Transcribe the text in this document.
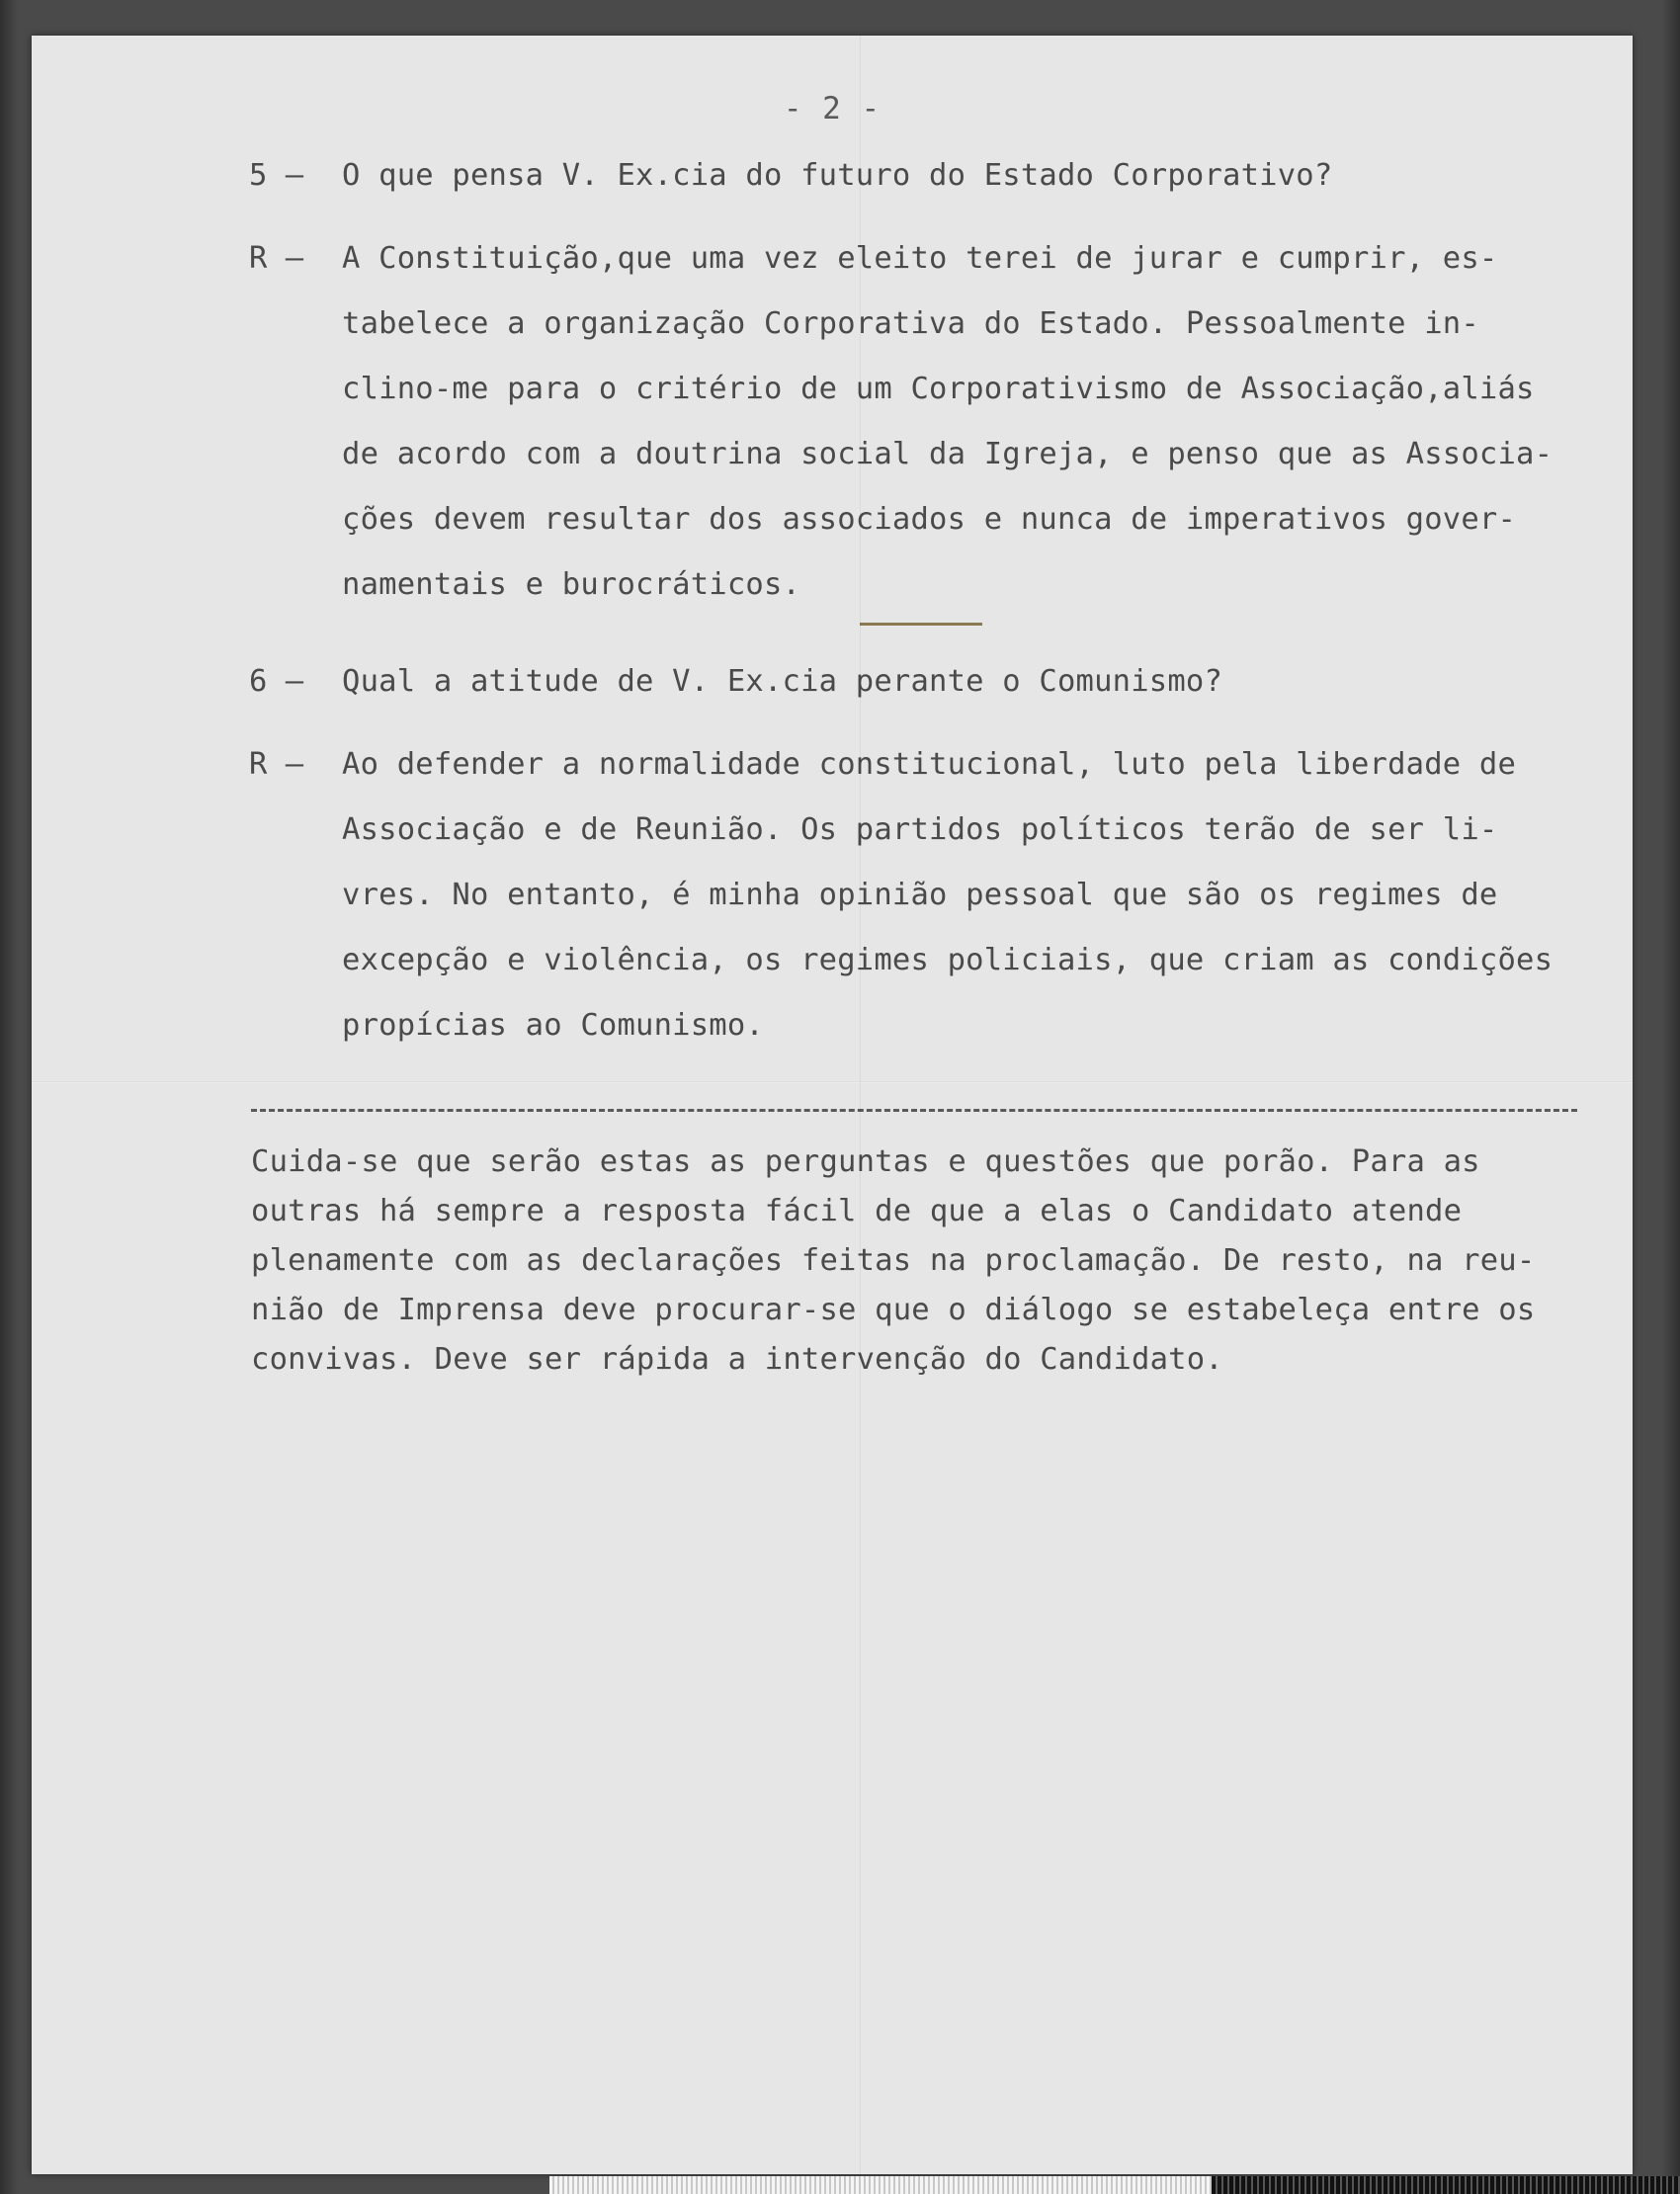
- 2 -
5 — O que pensa V. Ex.cia do futuro do Estado Corporativo?
R — A Constituição,que uma vez eleito terei de jurar e cumprir, es-
tabelece a organização Corporativa do Estado. Pessoalmente in-
clino-me para o critério de um Corporativismo de Associação,aliás
de acordo com a doutrina social da Igreja, e penso que as Associa-
ções devem resultar dos associados e nunca de imperativos gover-
namentais e burocráticos.
6 — Qual a atitude de V. Ex.cia perante o Comunismo?
R — Ao defender a normalidade constitucional, luto pela liberdade de
Associação e de Reunião. Os partidos políticos terão de ser li-
vres. No entanto, é minha opinião pessoal que são os regimes de
excepção e violência, os regimes policiais, que criam as condições
propícias ao Comunismo.
Cuida-se que serão estas as perguntas e questões que porão. Para as
outras há sempre a resposta fácil de que a elas o Candidato atende
plenamente com as declarações feitas na proclamação. De resto, na reu-
nião de Imprensa deve procurar-se que o diálogo se estabeleça entre os
convivas. Deve ser rápida a intervenção do Candidato.
